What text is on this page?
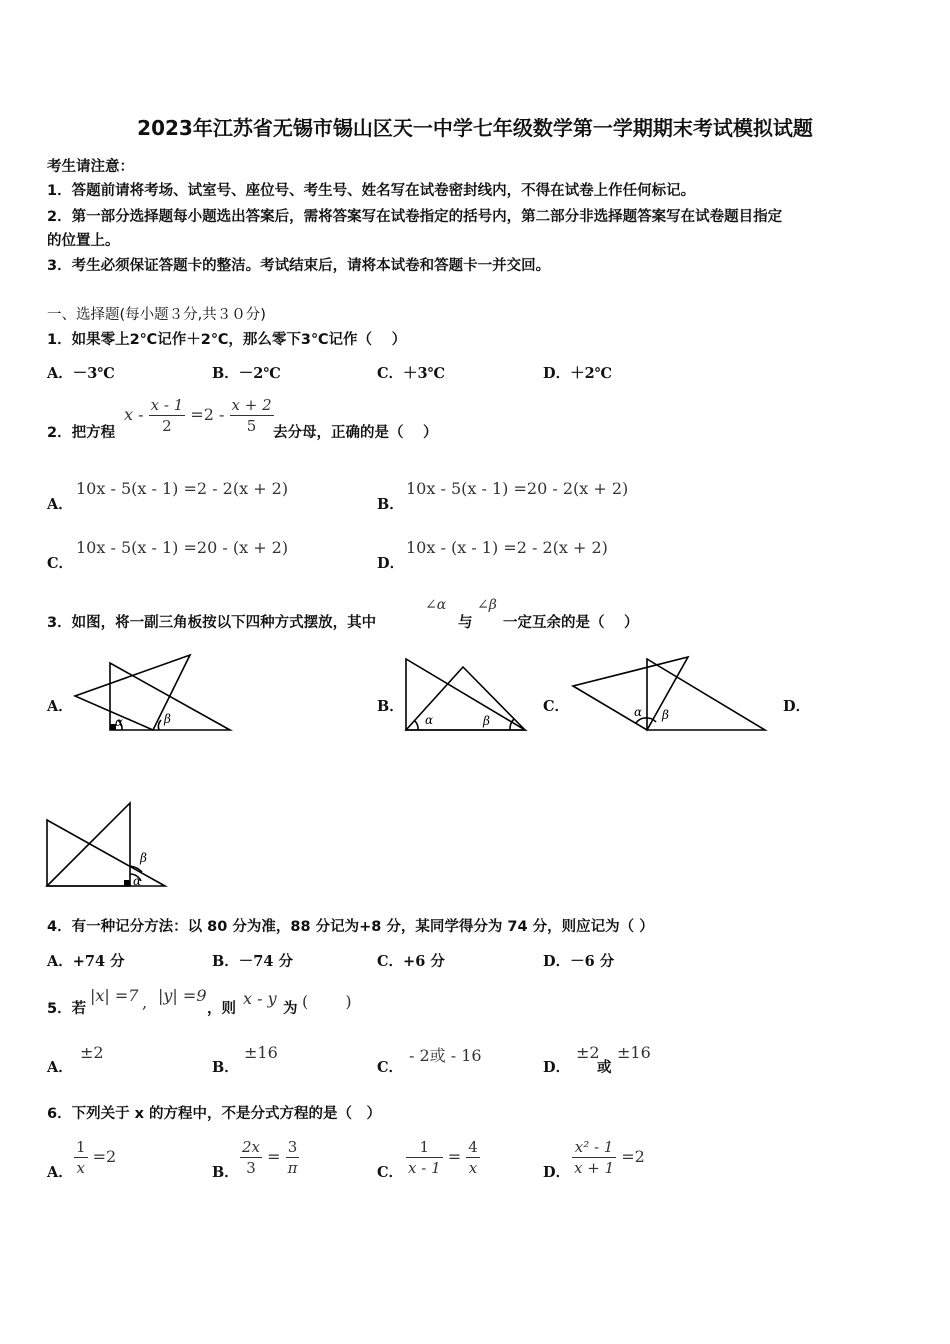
2023年江苏省无锡市锡山区天一中学七年级数学第一学期期末考试模拟试题
考生请注意：
1．答题前请将考场、试室号、座位号、考生号、姓名写在试卷密封线内，不得在试卷上作任何标记。
2．第一部分选择题每小题选出答案后，需将答案写在试卷指定的括号内，第二部分非选择题答案写在试卷题目指定
的位置上。
3．考生必须保证答题卡的整洁。考试结束后，请将本试卷和答题卡一并交回。
一、选择题(每小题３分,共３０分)
1．如果零上2℃记作＋2℃，那么零下3℃记作（　 ）
A．－3℃	B．－2℃	C．＋3℃	D．＋2℃
2．把方程
$x - \frac{x - 1}{2} =2 - \frac{x + 2}{5}$ 去分母，正确的是（　 ）
A．
10x - 5(x - 1) =2 - 2(x + 2)
B．
10x - 5(x - 1) =20 - 2(x + 2)
C．
10x - 5(x - 1) =20 - (x + 2)
D．
10x - (x - 1) =2 - 2(x + 2)
3．如图，将一副三角板按以下四种方式摆放，其中
∠α
与
∠β
一定互余的是（　 ）
A．
α	β
B．
α	β
C．	α β	D．
β
α
4．有一种记分方法：以 80 分为准，88 分记为+8 分，某同学得分为 74 分，则应记为（ ）
A．+74 分	B．－74 分	C．+6 分	D．－6 分
5．若
|x| =7 , |y| =9
，则
x - y
为 (　　 )
A．
±2
B．
±16
C．
- 2或 - 16
D．
±2
或
±16
6．下列关于 x 的方程中，不是分式方程的是（　）
A． $\frac{1}{x} =2$
B． $\frac{2x}{3} = \frac{3}{\pi}$	C． $\frac{1}{x - 1} = \frac{4}{x}$	D． $\frac{\text{x² - 1}}{x + 1} =2$
